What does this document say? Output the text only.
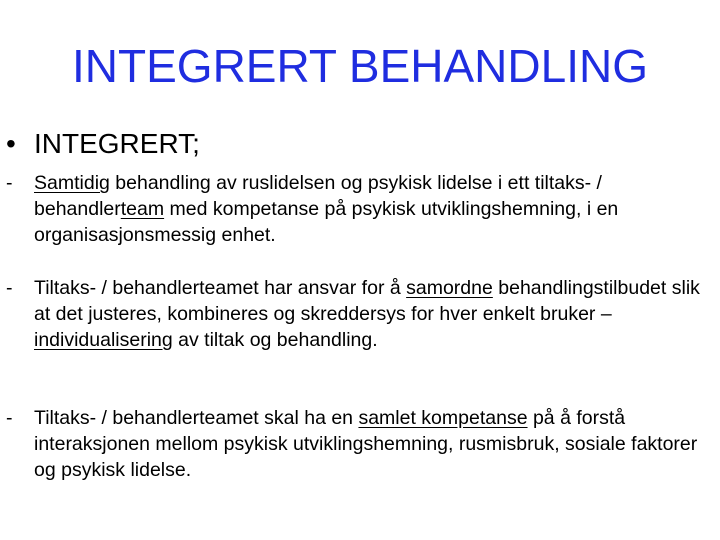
INTEGRERT BEHANDLING
• INTEGRERT;
- Samtidig behandling av ruslidelsen og psykisk lidelse i ett tiltaks- / behandlerteam med kompetanse på psykisk utviklingshemning, i en organisasjonsmessig enhet.
- Tiltaks- / behandlerteamet har ansvar for å samordne behandlingstilbudet slik at det justeres, kombineres og skreddersys for hver enkelt bruker – individualisering av tiltak og behandling.
- Tiltaks- / behandlerteamet skal ha en samlet kompetanse på å forstå interaksjonen mellom psykisk utviklingshemning, rusmisbruk, sosiale faktorer og psykisk lidelse.
